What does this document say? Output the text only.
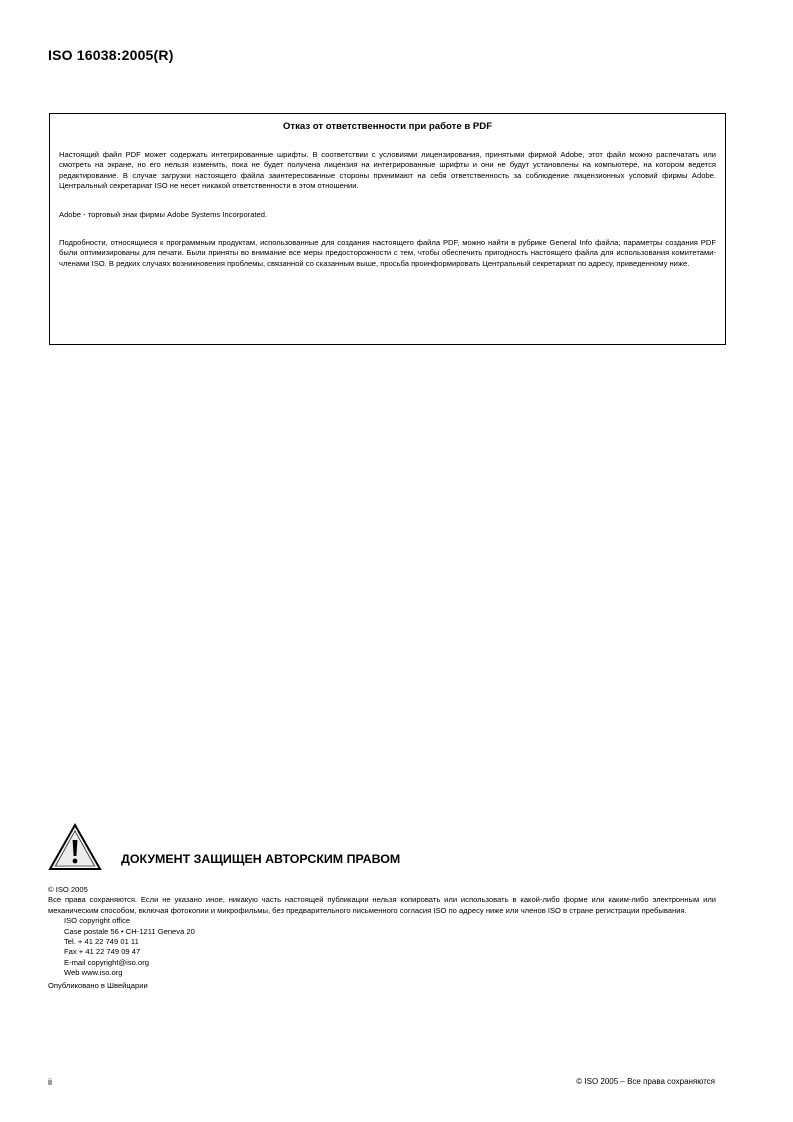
ISO 16038:2005(R)
Отказ от ответственности при работе в PDF

Настоящий файл PDF может содержать интегрированные шрифты. В соответствии с условиями лицензирования, принятыми фирмой Adobe, этот файл можно распечатать или смотреть на экране, но его нельзя изменить, пока не будет получена лицензия на интегрированные шрифты и они не будут установлены на компьютере, на котором ведется редактирование. В случае загрузки настоящего файла заинтересованные стороны принимают на себя ответственность за соблюдение лицензионных условий фирмы Adobe. Центральный секретариат ISO не несет никакой ответственности в этом отношении.

Adobe - торговый знак фирмы Adobe Systems Incorporated.

Подробности, относящиеся к программным продуктам, использованные для создания настоящего файла PDF, можно найти в рубрике General Info файла; параметры создания PDF были оптимизированы для печати. Были приняты во внимание все меры предосторожности с тем, чтобы обеспечить пригодность настоящего файла для использования комитетами-членами ISO. В редких случаях возникновения проблемы, связанной со сказанным выше, просьба проинформировать Центральный секретариат по адресу, приведенному ниже.

ДОКУМЕНТ ЗАЩИЩЕН АВТОРСКИМ ПРАВОМ

© ISO 2005

Все права сохраняются. Если не указано иное, никакую часть настоящей публикации нельзя копировать или использовать в какой-либо форме или каким-либо электронным или механическим способом, включая фотокопии и микрофильмы, без предварительного письменного согласия ISO по адресу ниже или членов ISO в стране регистрации пребывания.

ISO copyright office
Case postale 56 • CH-1211 Geneva 20
Tel. + 41 22 749 01 11
Fax + 41 22 749 09 47
E-mail copyright@iso.org
Web www.iso.org

Опубликовано в Швейцарии

ii	© ISO 2005 – Все права сохраняются
